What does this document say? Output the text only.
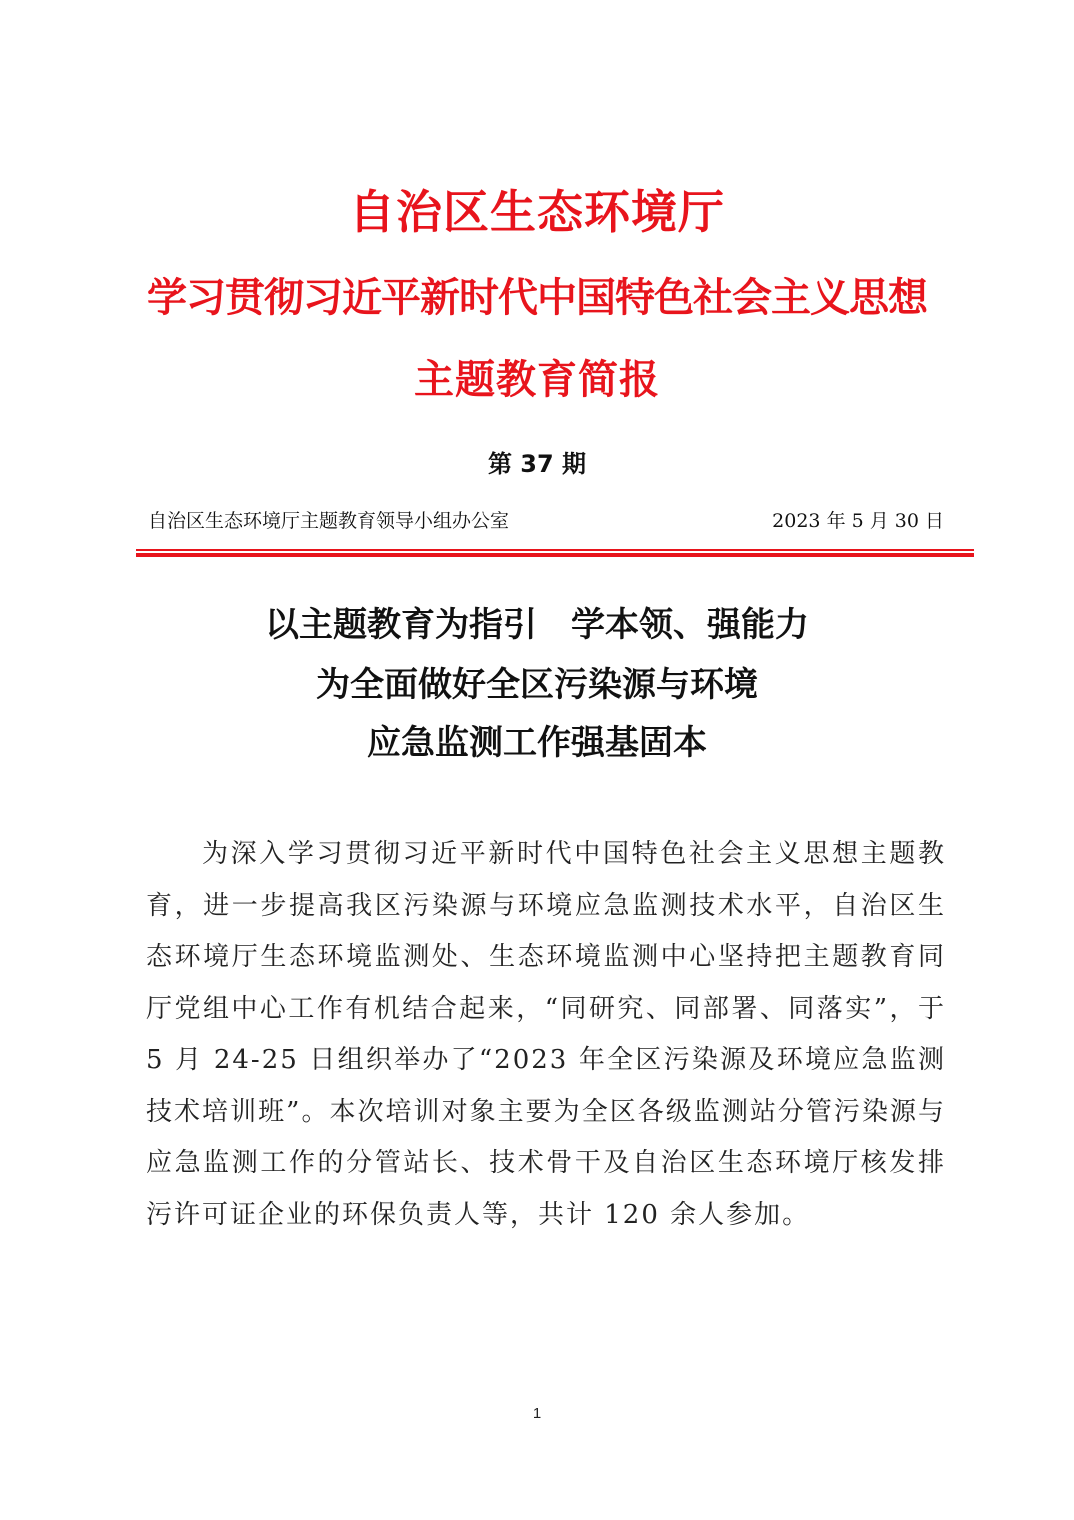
自治区生态环境厅
学习贯彻习近平新时代中国特色社会主义思想
主题教育简报
第 37 期
自治区生态环境厅主题教育领导小组办公室	2023 年 5 月 30 日
以主题教育为指引　学本领、强能力
为全面做好全区污染源与环境
应急监测工作强基固本

为深入学习贯彻习近平新时代中国特色社会主义思想主题教育，进一步提高我区污染源与环境应急监测技术水平，自治区生态环境厅生态环境监测处、生态环境监测中心坚持把主题教育同厅党组中心工作有机结合起来，“同研究、同部署、同落实”，于 5 月 24-25 日组织举办了“2023 年全区污染源及环境应急监测技术培训班”。本次培训对象主要为全区各级监测站分管污染源与应急监测工作的分管站长、技术骨干及自治区生态环境厅核发排污许可证企业的环保负责人等，共计 120 余人参加。

1
